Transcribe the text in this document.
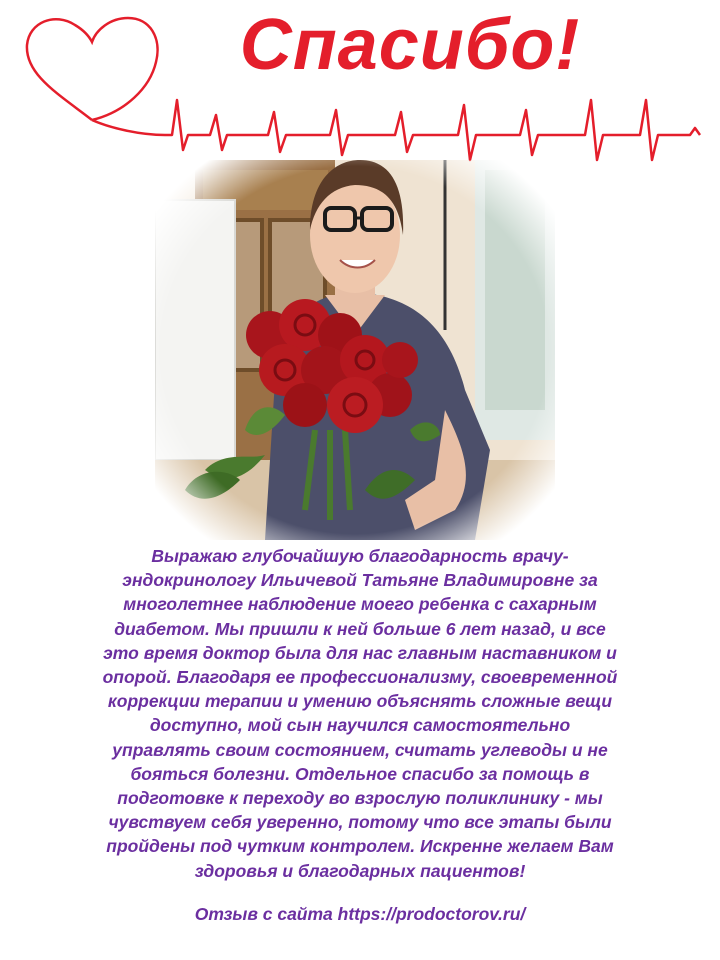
Спасибо!
Выражаю глубочайшую благодарность врачу-
эндокринологу Ильичевой Татьяне Владимировне за
многолетнее наблюдение моего ребенка с сахарным
диабетом. Мы пришли к ней больше 6 лет назад, и все
это время доктор была для нас главным наставником и
опорой. Благодаря ее профессионализму, своевременной
коррекции терапии и умению объяснять сложные вещи
доступно, мой сын научился самостоятельно
управлять своим состоянием, считать углеводы и не
бояться болезни. Отдельное спасибо за помощь в
подготовке к переходу во взрослую поликлинику - мы
чувствуем себя уверенно, потому что все этапы были
пройдены под чутким контролем. Искренне желаем Вам
здоровья и благодарных пациентов!
Отзыв с сайта https://prodoctorov.ru/
